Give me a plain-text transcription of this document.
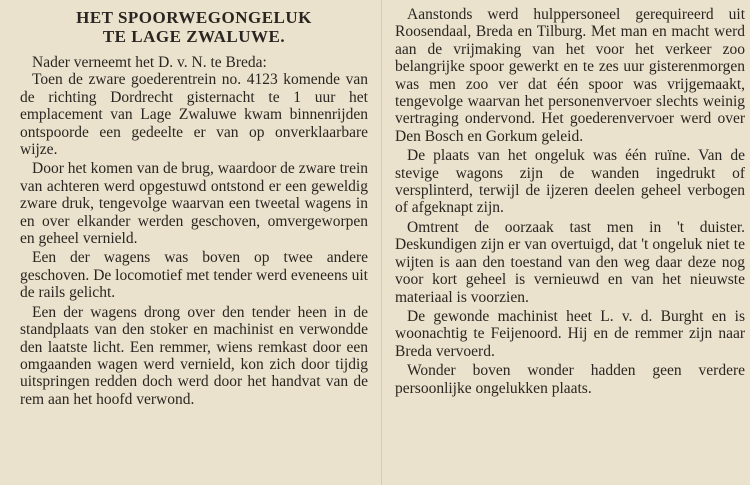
HET SPOORWEGONGELUK
TE LAGE ZWALUWE.
Nader verneemt het D. v. N. te Breda:

Toen de zware goederentrein no. 4123 komende van de richting Dordrecht gisternacht te 1 uur het emplacement van Lage Zwaluwe kwam binnenrijden ontspoorde een gedeelte er van op onverklaarbare wijze.

Door het komen van de brug, waardoor de zware trein van achteren werd opgestuwd ontstond er een geweldig zware druk, tengevolge waarvan een tweetal wagens in en over elkander werden geschoven, omvergeworpen en geheel vernield.

Een der wagens was boven op twee andere geschoven. De locomotief met tender werd eveneens uit de rails gelicht.

Een der wagens drong over den tender heen in de standplaats van den stoker en machinist en verwondde den laatste licht. Een remmer, wiens remkast door een omgaanden wagen werd vernield, kon zich door tijdig uitspringen redden doch werd door het handvat van de rem aan het hoofd verwond.

Aanstonds werd hulppersoneel gerequireerd uit Roosendaal, Breda en Tilburg. Met man en macht werd aan de vrijmaking van het voor het verkeer zoo belangrijke spoor gewerkt en te zes uur gisterenmorgen was men zoo ver dat één spoor was vrijgemaakt, tengevolge waarvan het personenvervoer slechts weinig vertraging ondervond. Het goederenvervoer werd over Den Bosch en Gorkum geleid.

De plaats van het ongeluk was één ruïne. Van de stevige wagons zijn de wanden ingedrukt of versplinterd, terwijl de ijzeren deelen geheel verbogen of afgeknapt zijn.

Omtrent de oorzaak tast men in 't duister. Deskundigen zijn er van overtuigd, dat 't ongeluk niet te wijten is aan den toestand van den weg daar deze nog voor kort geheel is vernieuwd en van het nieuwste materiaal is voorzien.

De gewonde machinist heet L. v. d. Burght en is woonachtig te Feijenoord. Hij en de remmer zijn naar Breda vervoerd.

Wonder boven wonder hadden geen verdere persoonlijke ongelukken plaats.
